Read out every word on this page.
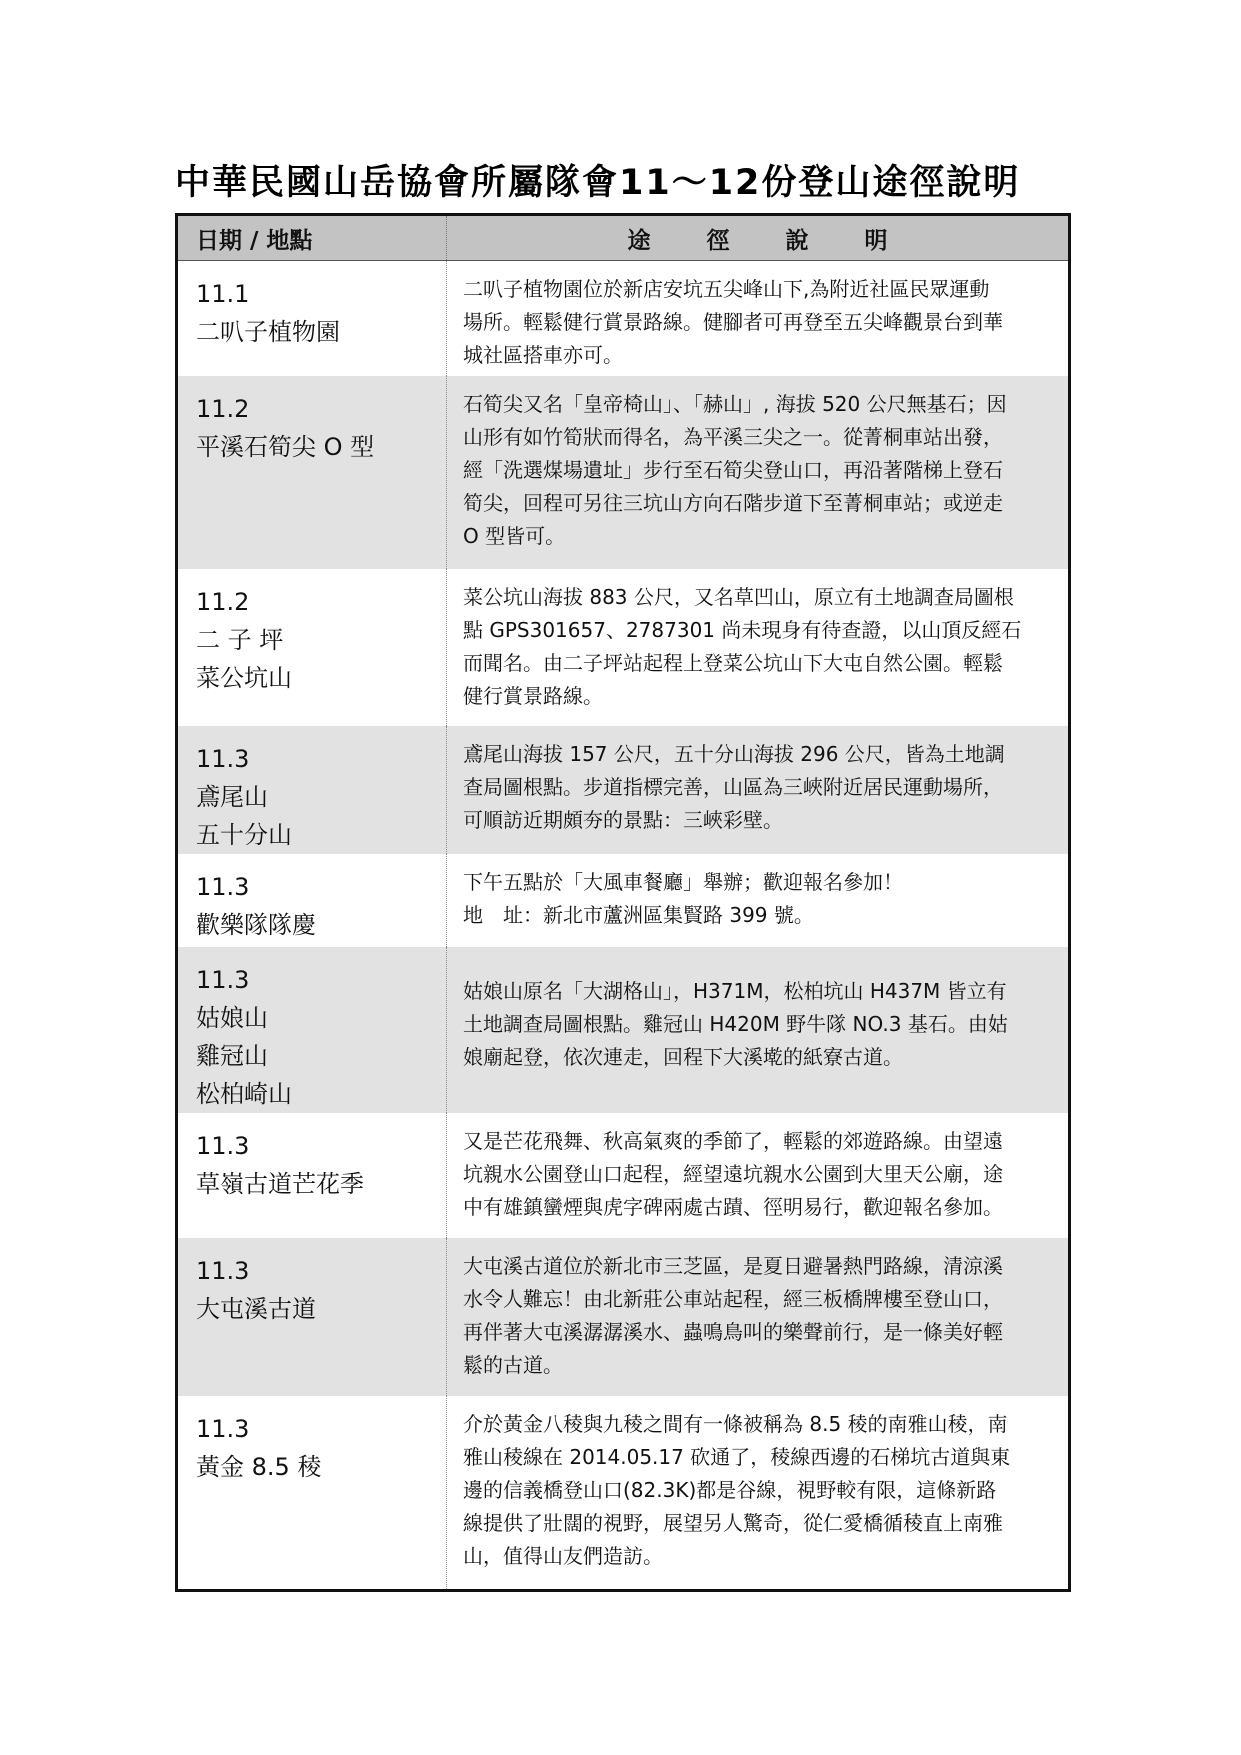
中華民國山岳協會所屬隊會11～12份登山途徑說明
日期 / 地點	途徑說明

11.1
二叭子植物園	二叭子植物園位於新店安坑五尖峰山下,為附近社區民眾運動
場所。輕鬆健行賞景路線。健腳者可再登至五尖峰觀景台到華
城社區搭車亦可。

11.2
平溪石筍尖 O 型	石筍尖又名「皇帝椅山」、「赫山」, 海拔 520 公尺無基石；因
山形有如竹筍狀而得名，為平溪三尖之一。從菁桐車站出發，
經「洗選煤場遺址」步行至石筍尖登山口，再沿著階梯上登石
筍尖，回程可另往三坑山方向石階步道下至菁桐車站；或逆走
O 型皆可。

11.2
二 子 坪
菜公坑山	菜公坑山海拔 883 公尺，又名草凹山，原立有土地調查局圖根
點 GPS301657、2787301 尚未現身有待查證，以山頂反經石
而聞名。由二子坪站起程上登菜公坑山下大屯自然公園。輕鬆
健行賞景路線。

11.3
鳶尾山
五十分山	鳶尾山海拔 157 公尺，五十分山海拔 296 公尺，皆為土地調
查局圖根點。步道指標完善，山區為三峽附近居民運動場所，
可順訪近期頗夯的景點：三峽彩壁。

11.3
歡樂隊隊慶	下午五點於「大風車餐廳」舉辦；歡迎報名參加！
地　址：新北市蘆洲區集賢路 399 號。

11.3
姑娘山
雞冠山
松柏崎山	姑娘山原名「大湖格山」，H371M，松柏坑山 H437M 皆立有
土地調查局圖根點。雞冠山 H420M 野牛隊 NO.3 基石。由姑
娘廟起登，依次連走，回程下大溪墘的紙寮古道。

11.3
草嶺古道芒花季	又是芒花飛舞、秋高氣爽的季節了，輕鬆的郊遊路線。由望遠
坑親水公園登山口起程，經望遠坑親水公園到大里天公廟，途
中有雄鎮蠻煙與虎字碑兩處古蹟、徑明易行，歡迎報名參加。

11.3
大屯溪古道	大屯溪古道位於新北市三芝區，是夏日避暑熱門路線，清涼溪
水令人難忘！由北新莊公車站起程，經三板橋牌樓至登山口，
再伴著大屯溪潺潺溪水、蟲鳴鳥叫的樂聲前行，是一條美好輕
鬆的古道。

11.3
黃金 8.5 稜	介於黃金八稜與九稜之間有一條被稱為 8.5 稜的南雅山稜，南
雅山稜線在 2014.05.17 砍通了，稜線西邊的石梯坑古道與東
邊的信義橋登山口(82.3K)都是谷線，視野較有限，這條新路
線提供了壯闊的視野，展望另人驚奇，從仁愛橋循稜直上南雅
山，值得山友們造訪。
